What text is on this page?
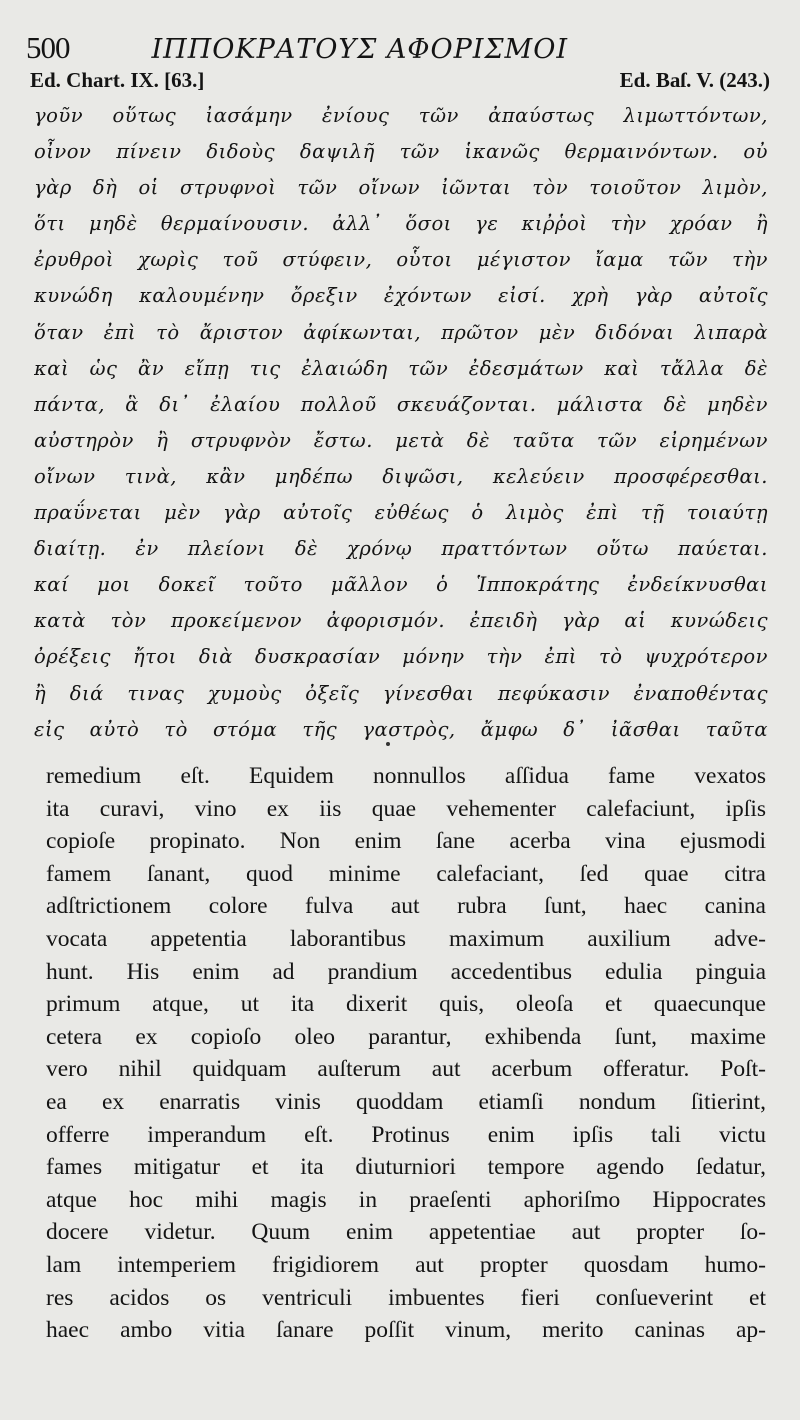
500	ΙΠΠΟΚΡΑΤΟΥΣ ΑΦΟΡΙΣΜΟΙ
Ed. Chart. IX. [63.]	Ed. Baſ. V. (243.)
γοῦν οὕτως ἰασάμην ἐνίους τῶν ἀπαύστως λιμωττόντων,
οἶνον πίνειν διδοὺς δαψιλῆ τῶν ἱκανῶς θερμαινόντων. οὐ
γὰρ δὴ οἱ στρυφνοὶ τῶν οἴνων ἰῶνται τὸν τοιοῦτον λιμὸν,
ὅτι μηδὲ θερμαίνουσιν. ἀλλ᾿ ὅσοι γε κιῤῥοὶ τὴν χρόαν ἢ
ἐρυθροὶ χωρὶς τοῦ στύφειν, οὗτοι μέγιστον ἴαμα τῶν τὴν
κυνώδη καλουμένην ὄρεξιν ἐχόντων εἰσί. χρὴ γὰρ αὐτοῖς
ὅταν ἐπὶ τὸ ἄριστον ἀφίκωνται, πρῶτον μὲν διδόναι λιπαρὰ
καὶ ὡς ἂν εἴπῃ τις ἐλαιώδη τῶν ἐδεσμάτων καὶ τἄλλα δὲ
πάντα, ἃ δι᾿ ἐλαίου πολλοῦ σκευάζονται. μάλιστα δὲ μηδὲν
αὐστηρὸν ἢ στρυφνὸν ἔστω. μετὰ δὲ ταῦτα τῶν εἰρημένων
οἴνων τινὰ, κἂν μηδέπω διψῶσι, κελεύειν προσφέρεσθαι.
πραΰνεται μὲν γὰρ αὐτοῖς εὐθέως ὁ λιμὸς ἐπὶ τῇ τοιαύτῃ
διαίτῃ. ἐν πλείονι δὲ χρόνῳ πραττόντων οὕτω παύεται.
καί μοι δοκεῖ τοῦτο μᾶλλον ὁ Ἱπποκράτης ἐνδείκνυσθαι
κατὰ τὸν προκείμενον ἀφορισμόν. ἐπειδὴ γὰρ αἱ κυνώδεις
ὀρέξεις ἤτοι διὰ δυσκρασίαν μόνην τὴν ἐπὶ τὸ ψυχρότερον
ἢ διά τινας χυμοὺς ὀξεῖς γίνεσθαι πεφύκασιν ἐναποθέντας
εἰς αὐτὸ τὸ στόμα τῆς γαστρὸς, ἄμφω δ᾿ ἰᾶσθαι ταῦτα
remedium eſt. Equidem nonnullos aſſidua fame vexatos
ita curavi, vino ex iis quae vehementer calefaciunt, ipſis
copioſe propinato. Non enim ſane acerba vina ejusmodi
famem ſanant, quod minime calefaciant, ſed quae citra
adſtrictionem colore fulva aut rubra ſunt, haec canina
vocata appetentia laborantibus maximum auxilium adve-
hunt. His enim ad prandium accedentibus edulia pinguia
primum atque, ut ita dixerit quis, oleoſa et quaecunque
cetera ex copioſo oleo parantur, exhibenda ſunt, maxime
vero nihil quidquam auſterum aut acerbum offeratur. Poſt-
ea ex enarratis vinis quoddam etiamſi nondum ſitierint,
offerre imperandum eſt. Protinus enim ipſis tali victu
fames mitigatur et ita diuturniori tempore agendo ſedatur,
atque hoc mihi magis in praeſenti aphoriſmo Hippocrates
docere videtur. Quum enim appetentiae aut propter ſo-
lam intemperiem frigidiorem aut propter quosdam humo-
res acidos os ventriculi imbuentes fieri conſueverint et
haec ambo vitia ſanare poſſit vinum, merito caninas ap-
